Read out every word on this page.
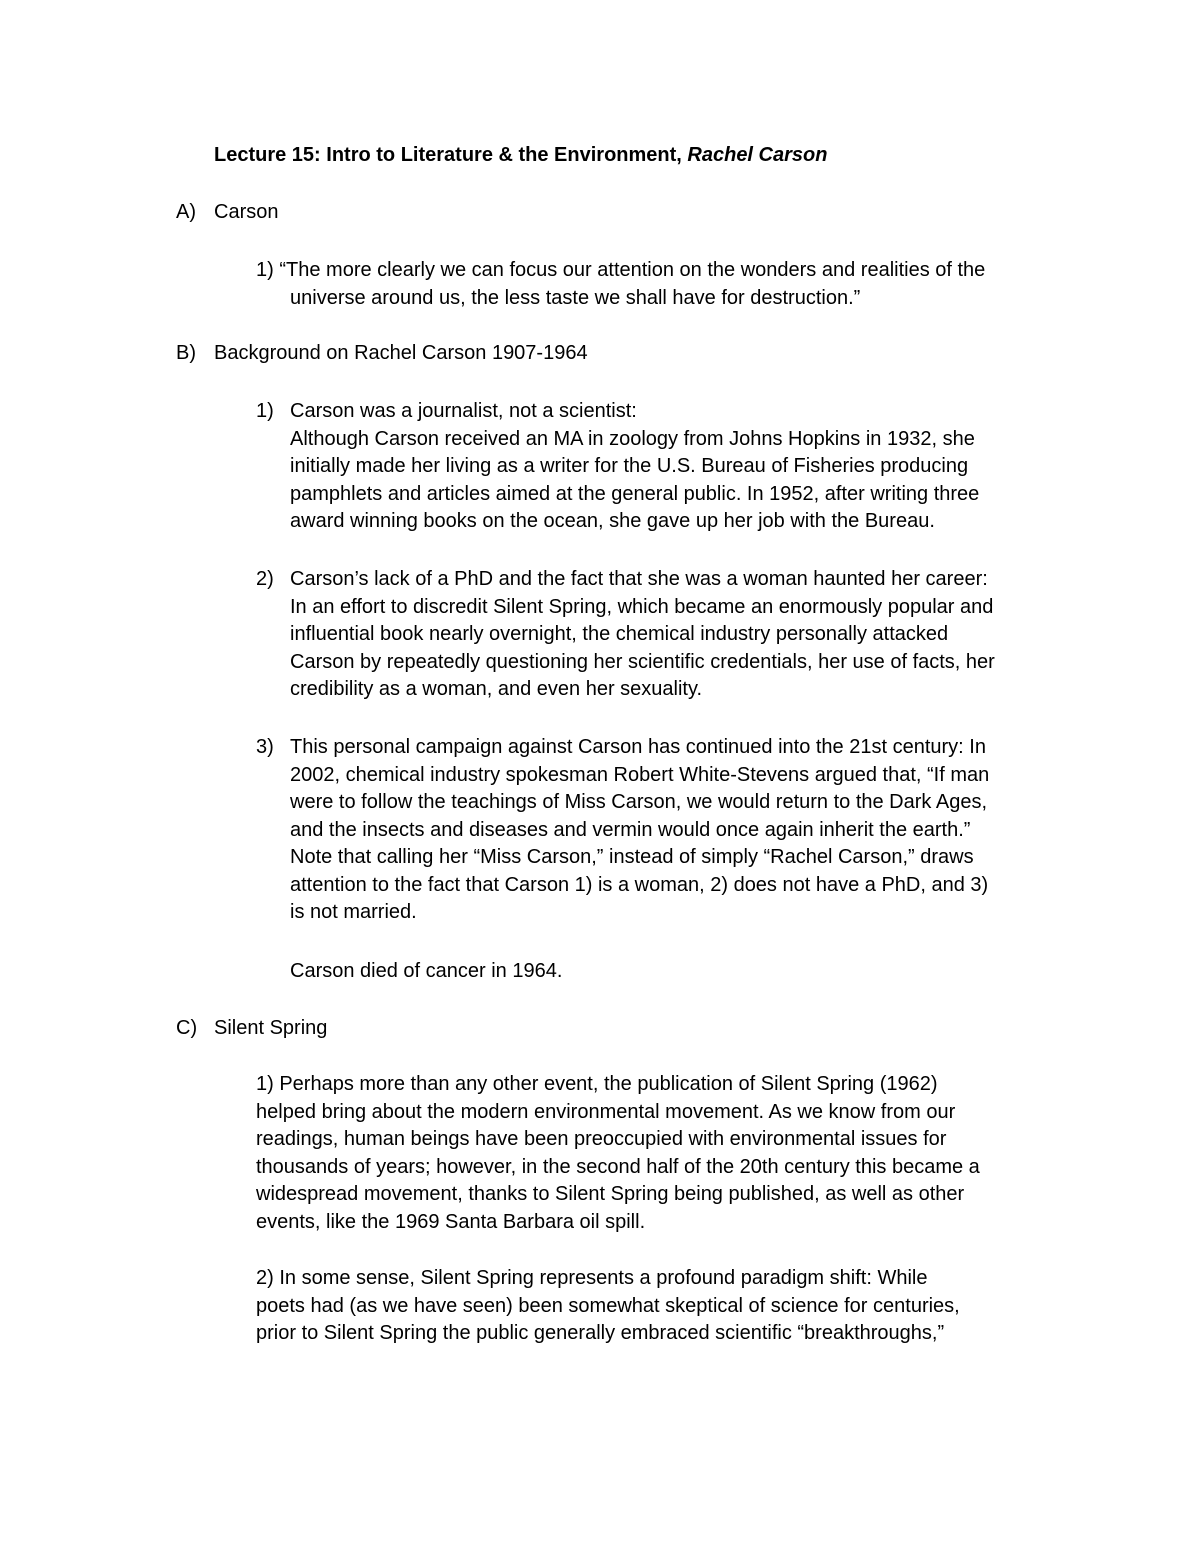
Lecture 15: Intro to Literature & the Environment, Rachel Carson
A) Carson
1) “The more clearly we can focus our attention on the wonders and realities of the
universe around us, the less taste we shall have for destruction.”
B) Background on Rachel Carson 1907-1964
1) Carson was a journalist, not a scientist:
Although Carson received an MA in zoology from Johns Hopkins in 1932, she
initially made her living as a writer for the U.S. Bureau of Fisheries producing
pamphlets and articles aimed at the general public. In 1952, after writing three
award winning books on the ocean, she gave up her job with the Bureau.
2) Carson’s lack of a PhD and the fact that she was a woman haunted her career:
In an effort to discredit Silent Spring, which became an enormously popular and
influential book nearly overnight, the chemical industry personally attacked
Carson by repeatedly questioning her scientific credentials, her use of facts, her
credibility as a woman, and even her sexuality.
3) This personal campaign against Carson has continued into the 21st century: In
2002, chemical industry spokesman Robert White-Stevens argued that, “If man
were to follow the teachings of Miss Carson, we would return to the Dark Ages,
and the insects and diseases and vermin would once again inherit the earth.”
Note that calling her “Miss Carson,” instead of simply “Rachel Carson,” draws
attention to the fact that Carson 1) is a woman, 2) does not have a PhD, and 3)
is not married.
Carson died of cancer in 1964.
C) Silent Spring
1) Perhaps more than any other event, the publication of Silent Spring (1962)
helped bring about the modern environmental movement. As we know from our
readings, human beings have been preoccupied with environmental issues for
thousands of years; however, in the second half of the 20th century this became a
widespread movement, thanks to Silent Spring being published, as well as other
events, like the 1969 Santa Barbara oil spill.
2) In some sense, Silent Spring represents a profound paradigm shift: While
poets had (as we have seen) been somewhat skeptical of science for centuries,
prior to Silent Spring the public generally embraced scientific “breakthroughs,”
